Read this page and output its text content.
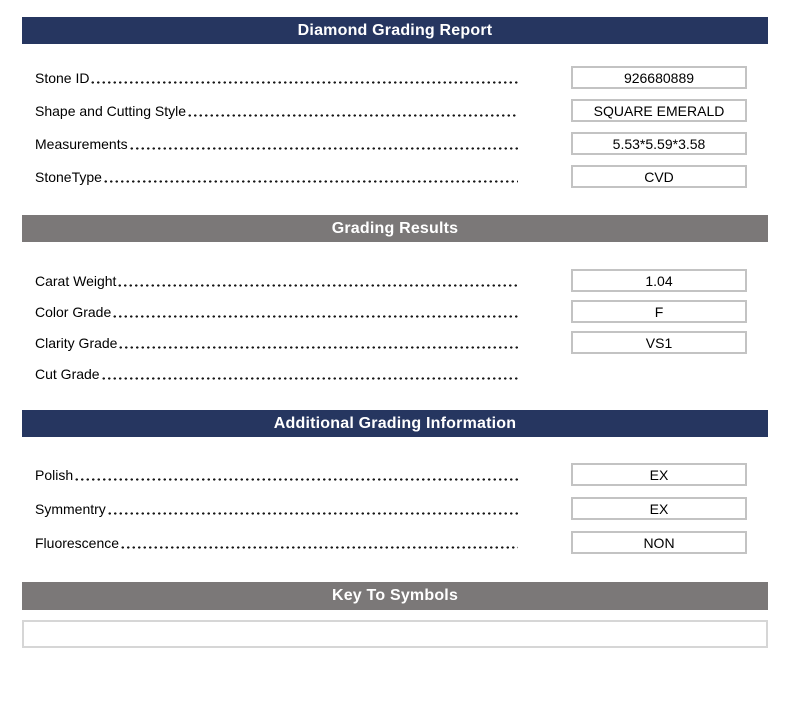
Diamond Grading Report
Stone ID	926680889
Shape and Cutting Style	SQUARE EMERALD
Measurements	5.53*5.59*3.58
StoneType	CVD
Grading Results
Carat Weight	1.04
Color Grade	F
Clarity Grade	VS1
Cut Grade
Additional Grading Information
Polish	EX
Symmentry	EX
Fluorescence	NON
Key To Symbols
